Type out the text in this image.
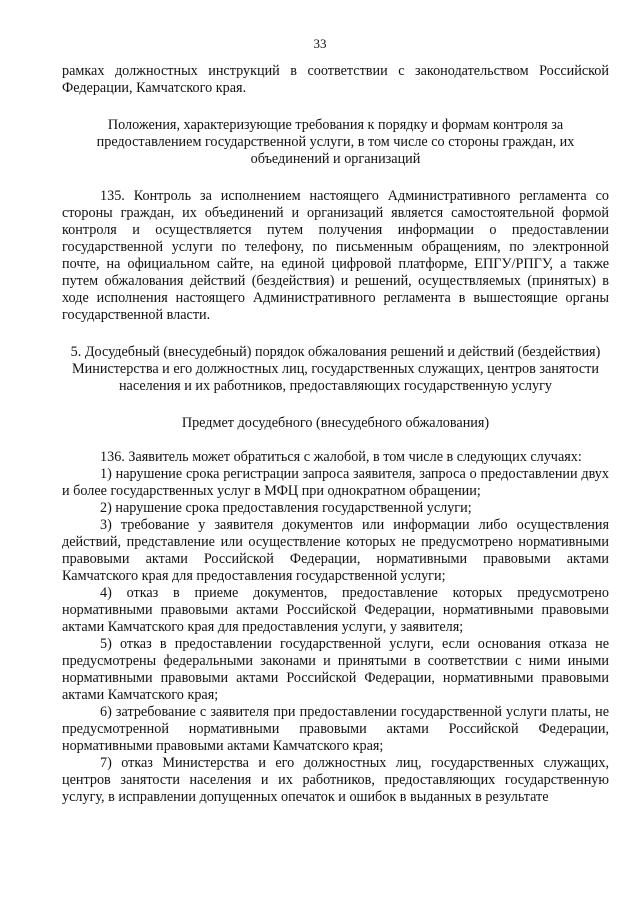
33

рамках должностных инструкций в соответствии с законодательством Российской Федерации, Камчатского края.

Положения, характеризующие требования к порядку и формам контроля за предоставлением государственной услуги, в том числе со стороны граждан, их объединений и организаций

135. Контроль за исполнением настоящего Административного регламента со стороны граждан, их объединений и организаций является самостоятельной формой контроля и осуществляется путем получения информации о предоставлении государственной услуги по телефону, по письменным обращениям, по электронной почте, на официальном сайте, на единой цифровой платформе, ЕПГУ/РПГУ, а также путем обжалования действий (бездействия) и решений, осуществляемых (принятых) в ходе исполнения настоящего Административного регламента в вышестоящие органы государственной власти.

5. Досудебный (внесудебный) порядок обжалования решений и действий (бездействия) Министерства и его должностных лиц, государственных служащих, центров занятости населения и их работников, предоставляющих государственную услугу

Предмет досудебного (внесудебного обжалования)

136. Заявитель может обратиться с жалобой, в том числе в следующих случаях:

1) нарушение срока регистрации запроса заявителя, запроса о предоставлении двух и более государственных услуг в МФЦ при однократном обращении;

2) нарушение срока предоставления государственной услуги;

3) требование у заявителя документов или информации либо осуществления действий, представление или осуществление которых не предусмотрено нормативными правовыми актами Российской Федерации, нормативными правовыми актами Камчатского края для предоставления государственной услуги;

4) отказ в приеме документов, предоставление которых предусмотрено нормативными правовыми актами Российской Федерации, нормативными правовыми актами Камчатского края для предоставления услуги, у заявителя;

5) отказ в предоставлении государственной услуги, если основания отказа не предусмотрены федеральными законами и принятыми в соответствии с ними иными нормативными правовыми актами Российской Федерации, нормативными правовыми актами Камчатского края;

6) затребование с заявителя при предоставлении государственной услуги платы, не предусмотренной нормативными правовыми актами Российской Федерации, нормативными правовыми актами Камчатского края;

7) отказ Министерства и его должностных лиц, государственных служащих, центров занятости населения и их работников, предоставляющих государственную услугу, в исправлении допущенных опечаток и ошибок в выданных в результате
